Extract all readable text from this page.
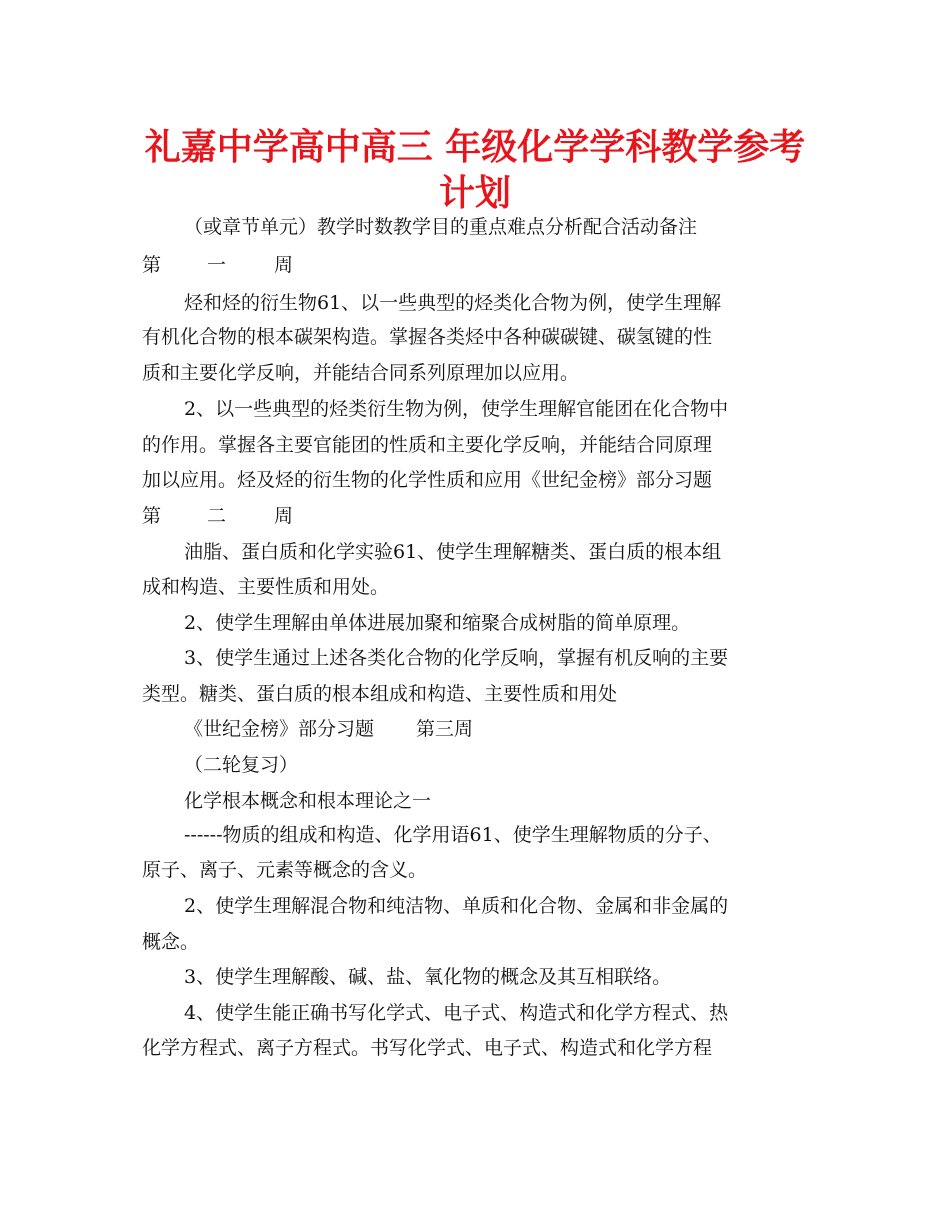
礼嘉中学高中高三 年级化学学科教学参考
计划

（或章节单元）教学时数教学目的重点难点分析配合活动备注

第 一	周

烃和烃的衍生物61、以一些典型的烃类化合物为例，使学生理解

有机化合物的根本碳架构造。掌握各类烃中各种碳碳键、碳氢键的性

质和主要化学反响，并能结合同系列原理加以应用。

2、以一些典型的烃类衍生物为例，使学生理解官能团在化合物中

的作用。掌握各主要官能团的性质和主要化学反响，并能结合同原理

加以应用。烃及烃的衍生物的化学性质和应用《世纪金榜》部分习题

第 二	周

油脂、蛋白质和化学实验61、使学生理解糖类、蛋白质的根本组

成和构造、主要性质和用处。

2、使学生理解由单体进展加聚和缩聚合成树脂的简单原理。

3、使学生通过上述各类化合物的化学反响，掌握有机反响的主要

类型。糖类、蛋白质的根本组成和构造、主要性质和用处

《世纪金榜》部分习题 第三周

（二轮复习）

化学根本概念和根本理论之一

------物质的组成和构造、化学用语61、使学生理解物质的分子、

原子、离子、元素等概念的含义。

2、使学生理解混合物和纯洁物、单质和化合物、金属和非金属的

概念。

3、使学生理解酸、碱、盐、氧化物的概念及其互相联络。

4、使学生能正确书写化学式、电子式、构造式和化学方程式、热

化学方程式、离子方程式。书写化学式、电子式、构造式和化学方程
